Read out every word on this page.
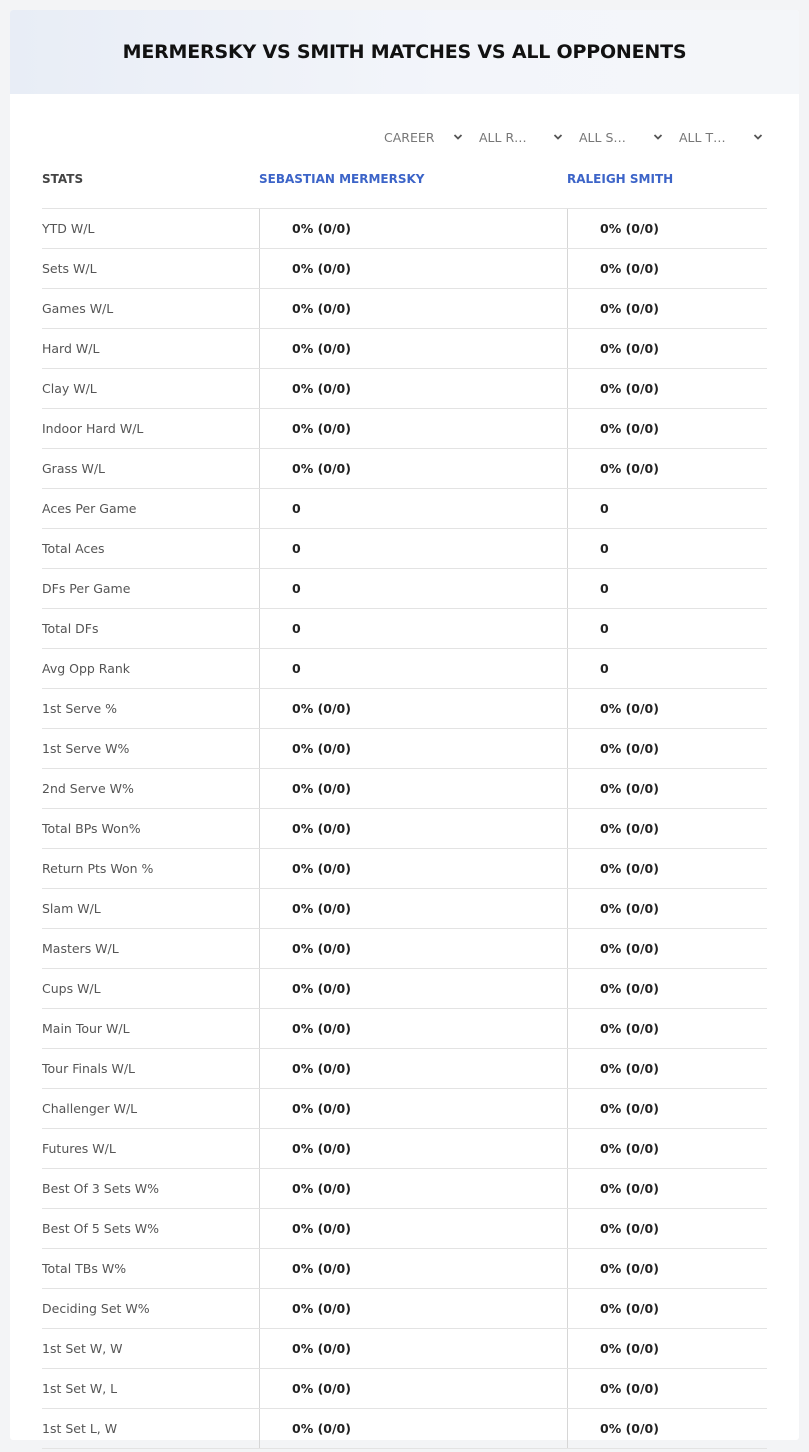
MERMERSKY VS SMITH MATCHES VS ALL OPPONENTS
CAREER	ALL R…	ALL S…	ALL T…
STATS	SEBASTIAN MERMERSKY	RALEIGH SMITH
YTD W/L	0% (0/0)	0% (0/0)
Sets W/L	0% (0/0)	0% (0/0)
Games W/L	0% (0/0)	0% (0/0)
Hard W/L	0% (0/0)	0% (0/0)
Clay W/L	0% (0/0)	0% (0/0)
Indoor Hard W/L	0% (0/0)	0% (0/0)
Grass W/L	0% (0/0)	0% (0/0)
Aces Per Game	0	0
Total Aces	0	0
DFs Per Game	0	0
Total DFs	0	0
Avg Opp Rank	0	0
1st Serve %	0% (0/0)	0% (0/0)
1st Serve W%	0% (0/0)	0% (0/0)
2nd Serve W%	0% (0/0)	0% (0/0)
Total BPs Won%	0% (0/0)	0% (0/0)
Return Pts Won %	0% (0/0)	0% (0/0)
Slam W/L	0% (0/0)	0% (0/0)
Masters W/L	0% (0/0)	0% (0/0)
Cups W/L	0% (0/0)	0% (0/0)
Main Tour W/L	0% (0/0)	0% (0/0)
Tour Finals W/L	0% (0/0)	0% (0/0)
Challenger W/L	0% (0/0)	0% (0/0)
Futures W/L	0% (0/0)	0% (0/0)
Best Of 3 Sets W%	0% (0/0)	0% (0/0)
Best Of 5 Sets W%	0% (0/0)	0% (0/0)
Total TBs W%	0% (0/0)	0% (0/0)
Deciding Set W%	0% (0/0)	0% (0/0)
1st Set W, W	0% (0/0)	0% (0/0)
1st Set W, L	0% (0/0)	0% (0/0)
1st Set L, W	0% (0/0)	0% (0/0)
